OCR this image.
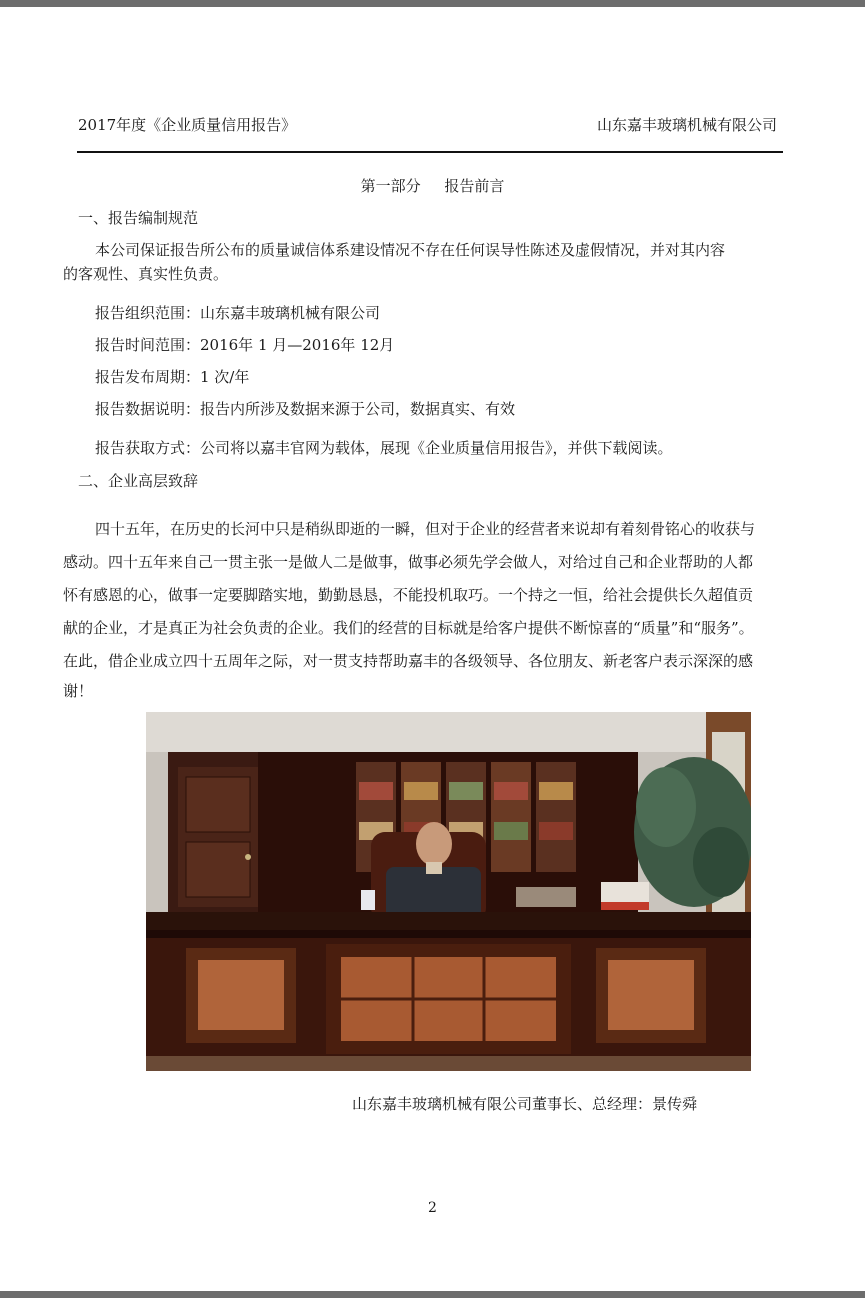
2017年度《企业质量信用报告》	山东嘉丰玻璃机械有限公司
第一部分     报告前言
一、报告编制规范
本公司保证报告所公布的质量诚信体系建设情况不存在任何误导性陈述及虚假情况，并对其内容
的客观性、真实性负责。
报告组织范围：山东嘉丰玻璃机械有限公司
报告时间范围：2016年 1 月—2016年 12月
报告发布周期：1 次/年
报告数据说明：报告内所涉及数据来源于公司，数据真实、有效
报告获取方式：公司将以嘉丰官网为载体，展现《企业质量信用报告》，并供下载阅读。
二、企业高层致辞
四十五年，在历史的长河中只是稍纵即逝的一瞬，但对于企业的经营者来说却有着刻骨铭心的收获与
感动。四十五年来自己一贯主张一是做人二是做事，做事必须先学会做人，对给过自己和企业帮助的人都
怀有感恩的心，做事一定要脚踏实地，勤勤恳恳，不能投机取巧。一个持之一恒，给社会提供长久超值贡
献的企业，才是真正为社会负责的企业。我们的经营的目标就是给客户提供不断惊喜的“质量”和“服务”。
在此，借企业成立四十五周年之际，对一贯支持帮助嘉丰的各级领导、各位朋友、新老客户表示深深的感
谢！
山东嘉丰玻璃机械有限公司董事长、总经理：景传舜
2
